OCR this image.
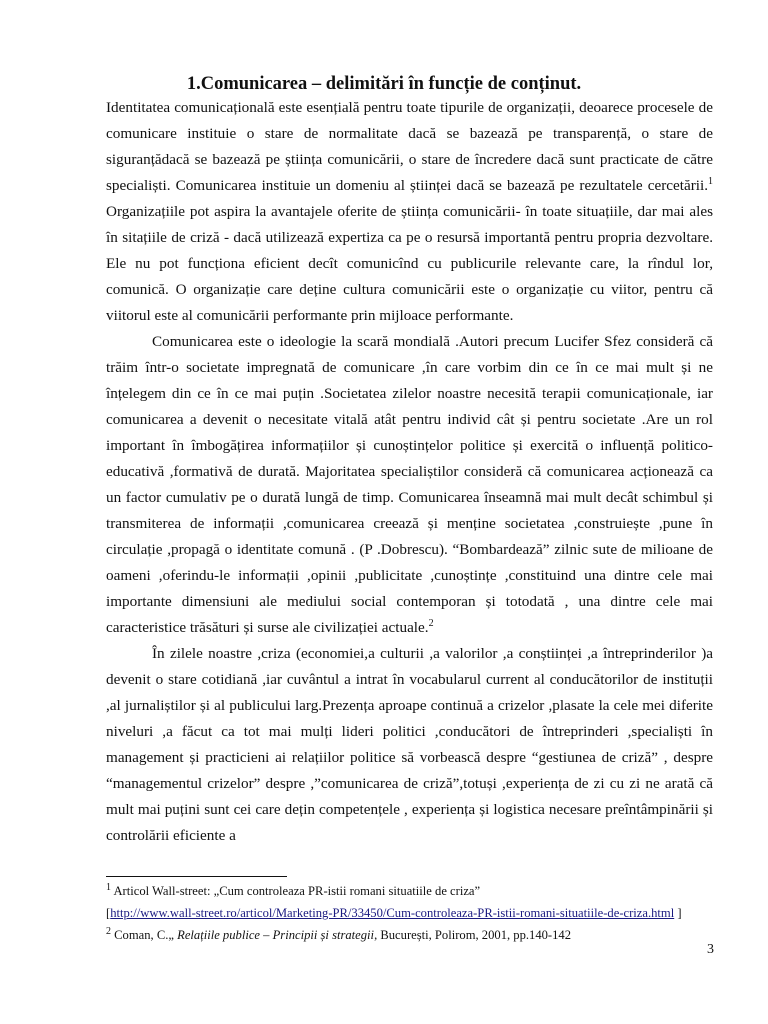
1.Comunicarea – delimitări în funcție de conținut.

Identitatea comunicațională este esențială pentru toate tipurile de organizații, deoarece procesele de comunicare instituie o stare de normalitate dacă se bazează pe transparență, o stare de siguranțădacă se bazează pe știința comunicării, o stare de încredere dacă sunt practicate de către specialiști. Comunicarea instituie un domeniu al științei dacă se bazează pe rezultatele cercetării.$^1$ Organizațiile pot aspira la avantajele oferite de știința comunicării- în toate situațiile, dar mai ales în sitațiile de criză - dacă utilizează expertiza ca pe o resursă importantă pentru propria dezvoltare. Ele nu pot funcționa eficient decît comunicînd cu publicurile relevante care, la rîndul lor, comunică. O organizație care deține cultura comunicării este o organizație cu viitor, pentru că viitorul este al comunicării performante prin mijloace performante.

Comunicarea este o ideologie la scară mondială .Autori precum Lucifer Sfez consideră că trăim într-o societate impregnată de comunicare ,în care vorbim din ce în ce mai mult și ne înțelegem din ce în ce mai puțin .Societatea zilelor noastre necesită terapii comunicaționale, iar comunicarea a devenit o necesitate vitală atât pentru individ cât și pentru societate .Are un rol important în îmbogățirea informațiilor și cunoștințelor politice și exercită o influență politico-educativă ,formativă de durată. Majoritatea specialiștilor consideră că comunicarea acționează ca un factor cumulativ pe o durată lungă de timp. Comunicarea înseamnă mai mult decât schimbul și transmiterea de informații ,comunicarea creează și menține societatea ,construiește ,pune în circulație ,propagă o identitate comună . (P .Dobrescu). “Bombardează” zilnic sute de milioane de oameni ,oferindu-le informații ,opinii ,publicitate ,cunoștințe ,constituind una dintre cele mai importante dimensiuni ale mediului social contemporan și totodată , una dintre cele mai caracteristice trăsături și surse ale civilizației actuale.$^2$

În zilele noastre ,criza (economiei,a culturii ,a valorilor ,a conștiinței ,a întreprinderilor )a devenit o stare cotidiană ,iar cuvântul a intrat în vocabularul current al conducătorilor de instituții ,al jurnaliștilor și al publicului larg.Prezența aproape continuă a crizelor ,plasate la cele mei diferite niveluri ,a făcut ca tot mai mulți lideri politici ,conducători de întreprinderi ,specialiști în management și practicieni ai relațiilor politice să vorbească despre “gestiunea de criză” , despre “managementul crizelor” despre ,”comunicarea de criză”,totuși ,experiența de zi cu zi ne arată că mult mai puțini sunt cei care dețin competențele , experiența și logistica necesare preîntâmpinării și controlării eficiente a

$^1$ Articol Wall-street: „Cum controleaza PR-istii romani situatiile de criza”

[http://www.wall-street.ro/articol/Marketing-PR/33450/Cum-controleaza-PR-istii-romani-situatiile-de-criza.html ]

$^2$ Coman, C.„ Relațiile publice – Principii și strategii, București, Polirom, 2001, pp.140-142

3
